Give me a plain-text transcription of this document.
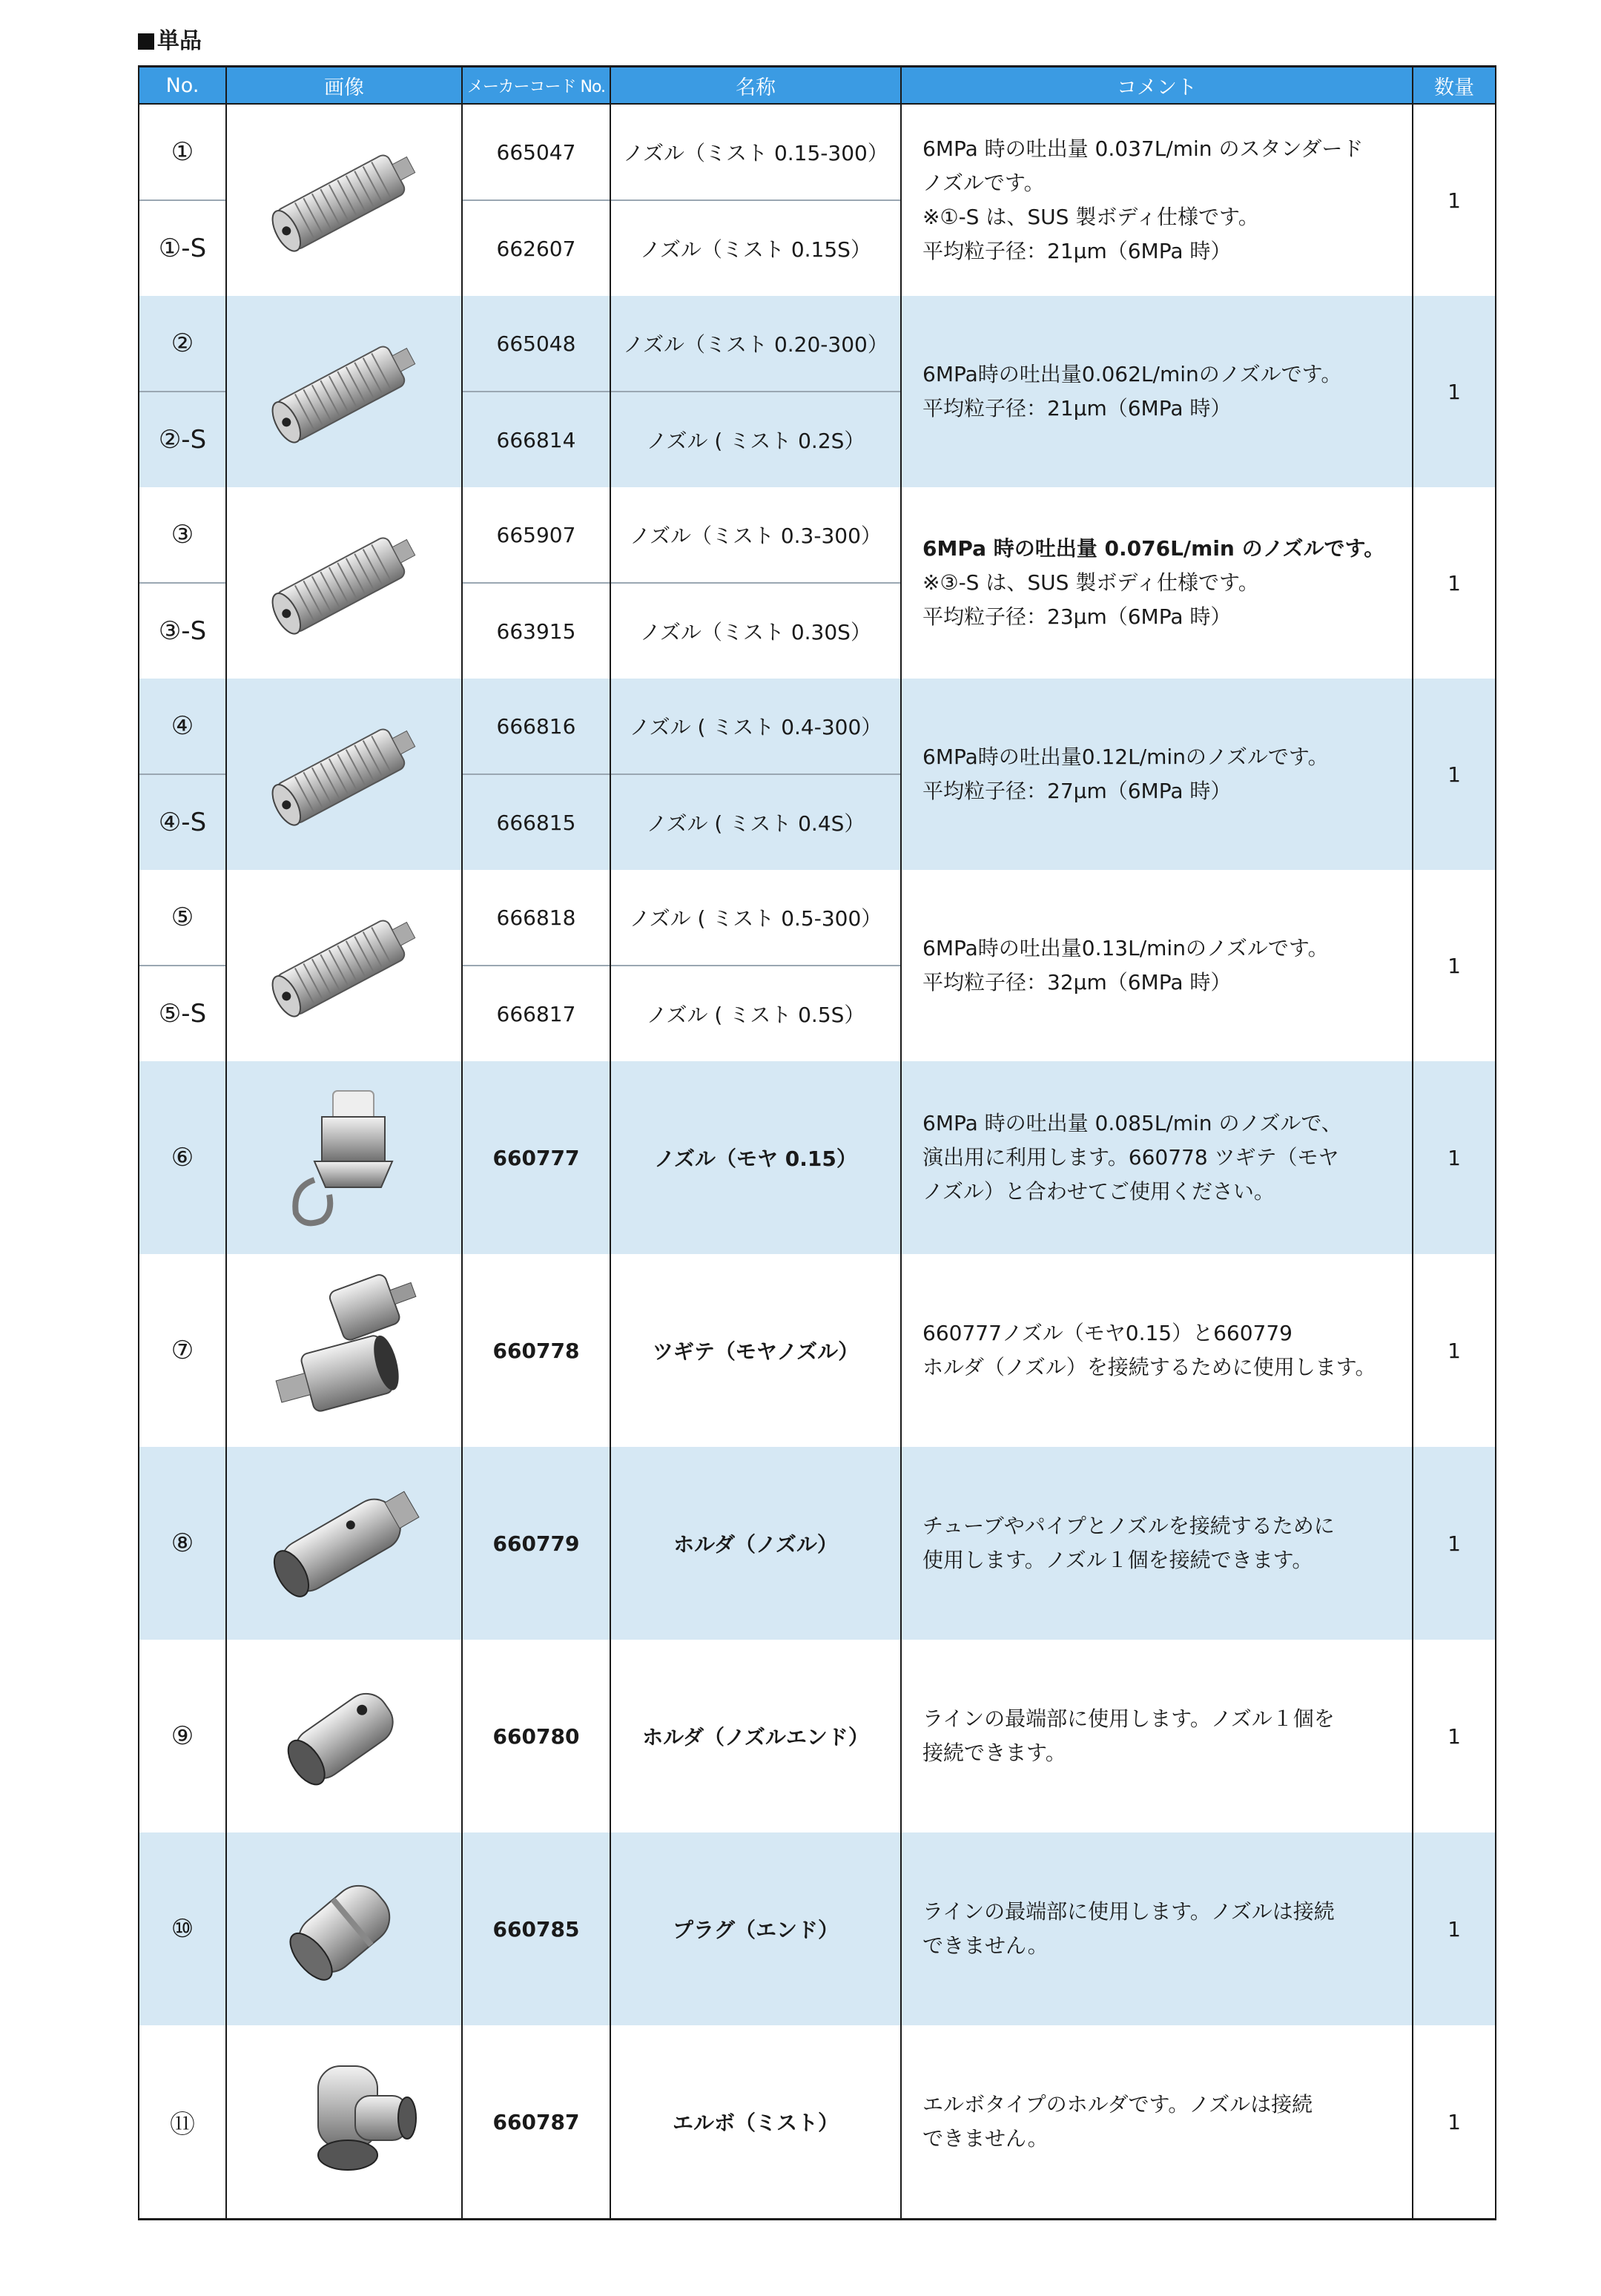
単品
No.	画像	メーカーコード No.	名称	コメント	数量
①		665047	ノズル（ミスト 0.15-300）	6MPa 時の吐出量 0.037L/min のスタンダード
ノズルです。
※①-S は、SUS 製ボディ仕様です。
平均粒子径：21μm（6MPa 時）	1
①-S		662607	ノズル（ミスト 0.15S）		
②		665048	ノズル（ミスト 0.20-300）	6MPa時の吐出量0.062L/minのノズルです。
平均粒子径：21μm（6MPa 時）	1
②-S		666814	ノズル ( ミスト 0.2S）		
③		665907	ノズル（ミスト 0.3-300）	6MPa 時の吐出量 0.076L/min のノズルです。
※③-S は、SUS 製ボディ仕様です。
平均粒子径：23μm（6MPa 時）	1
③-S		663915	ノズル（ミスト 0.30S）		
④		666816	ノズル ( ミスト 0.4-300）	6MPa時の吐出量0.12L/minのノズルです。
平均粒子径：27μm（6MPa 時）	1
④-S		666815	ノズル ( ミスト 0.4S）		
⑤		666818	ノズル ( ミスト 0.5-300）	6MPa時の吐出量0.13L/minのノズルです。
平均粒子径：32μm（6MPa 時）	1
⑤-S		666817	ノズル ( ミスト 0.5S）		
⑥		660777	ノズル（モヤ 0.15）	6MPa 時の吐出量 0.085L/min のノズルで、
演出用に利用します。660778 ツギテ（モヤ
ノズル）と合わせてご使用ください。	1
⑦		660778	ツギテ（モヤノズル）	660777ノズル（モヤ0.15）と660779
ホルダ（ノズル）を接続するために使用します。	1
⑧		660779	ホルダ（ノズル）	チューブやパイプとノズルを接続するために
使用します。ノズル１個を接続できます。	1
⑨		660780	ホルダ（ノズルエンド）	ラインの最端部に使用します。ノズル１個を
接続できます。	1
⑩		660785	プラグ（エンド）	ラインの最端部に使用します。ノズルは接続
できません。	1
⑪		660787	エルボ（ミスト）	エルボタイプのホルダです。ノズルは接続
できません。	1
